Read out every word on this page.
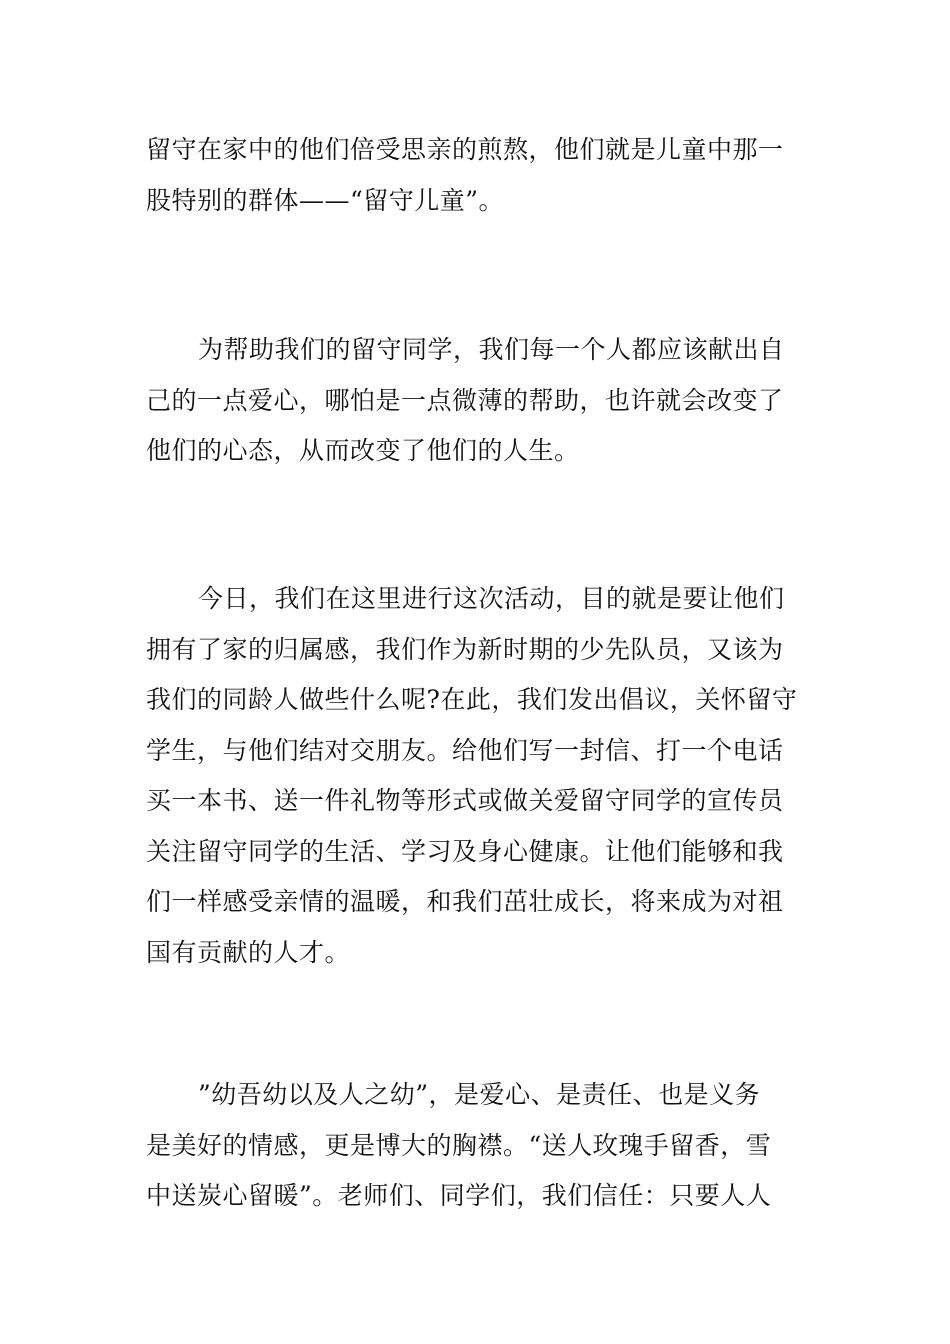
留守在家中的他们倍受思亲的煎熬，他们就是儿童中那一
股特别的群体——“留守儿童”。
为帮助我们的留守同学，我们每一个人都应该献出自
己的一点爱心，哪怕是一点微薄的帮助，也许就会改变了
他们的心态，从而改变了他们的人生。
今日，我们在这里进行这次活动，目的就是要让他们
拥有了家的归属感，我们作为新时期的少先队员，又该为
我们的同龄人做些什么呢?在此，我们发出倡议，关怀留守
学生，与他们结对交朋友。给他们写一封信、打一个电话
买一本书、送一件礼物等形式或做关爱留守同学的宣传员
关注留守同学的生活、学习及身心健康。让他们能够和我
们一样感受亲情的温暖，和我们茁壮成长，将来成为对祖
国有贡献的人才。
”幼吾幼以及人之幼”，是爱心、是责任、也是义务
是美好的情感，更是博大的胸襟。“送人玫瑰手留香，雪
中送炭心留暖”。老师们、同学们，我们信任：只要人人
